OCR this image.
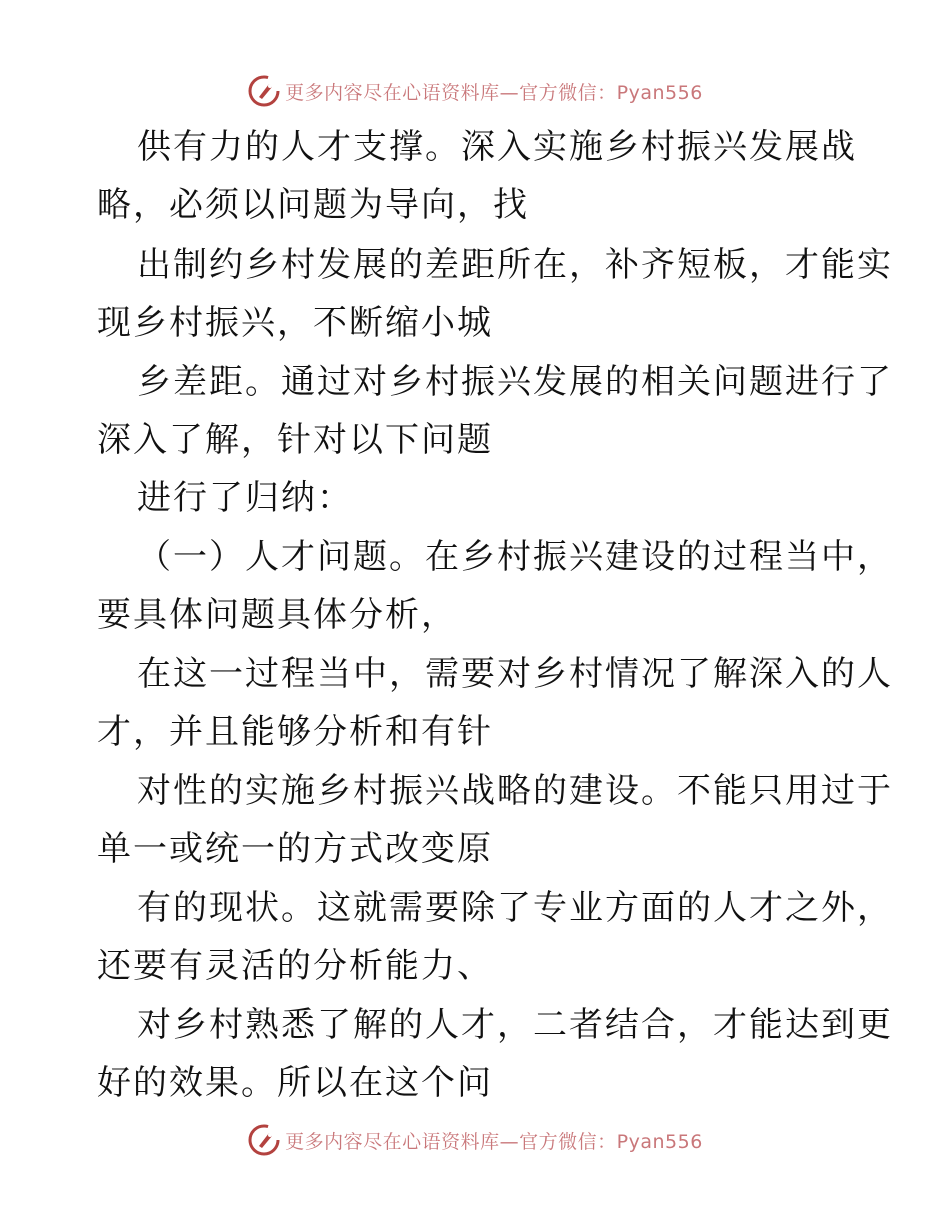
更多内容尽在心语资料库—官方微信：Pyan556
供有力的人才支撑。深入实施乡村振兴发展战
略，必须以问题为导向，找
出制约乡村发展的差距所在，补齐短板，才能实
现乡村振兴，不断缩小城
乡差距。通过对乡村振兴发展的相关问题进行了
深入了解，针对以下问题
进行了归纳：
（一）人才问题。在乡村振兴建设的过程当中，
要具体问题具体分析，
在这一过程当中，需要对乡村情况了解深入的人
才，并且能够分析和有针
对性的实施乡村振兴战略的建设。不能只用过于
单一或统一的方式改变原
有的现状。这就需要除了专业方面的人才之外，
还要有灵活的分析能力、
对乡村熟悉了解的人才，二者结合，才能达到更
好的效果。所以在这个问
更多内容尽在心语资料库—官方微信：Pyan556
